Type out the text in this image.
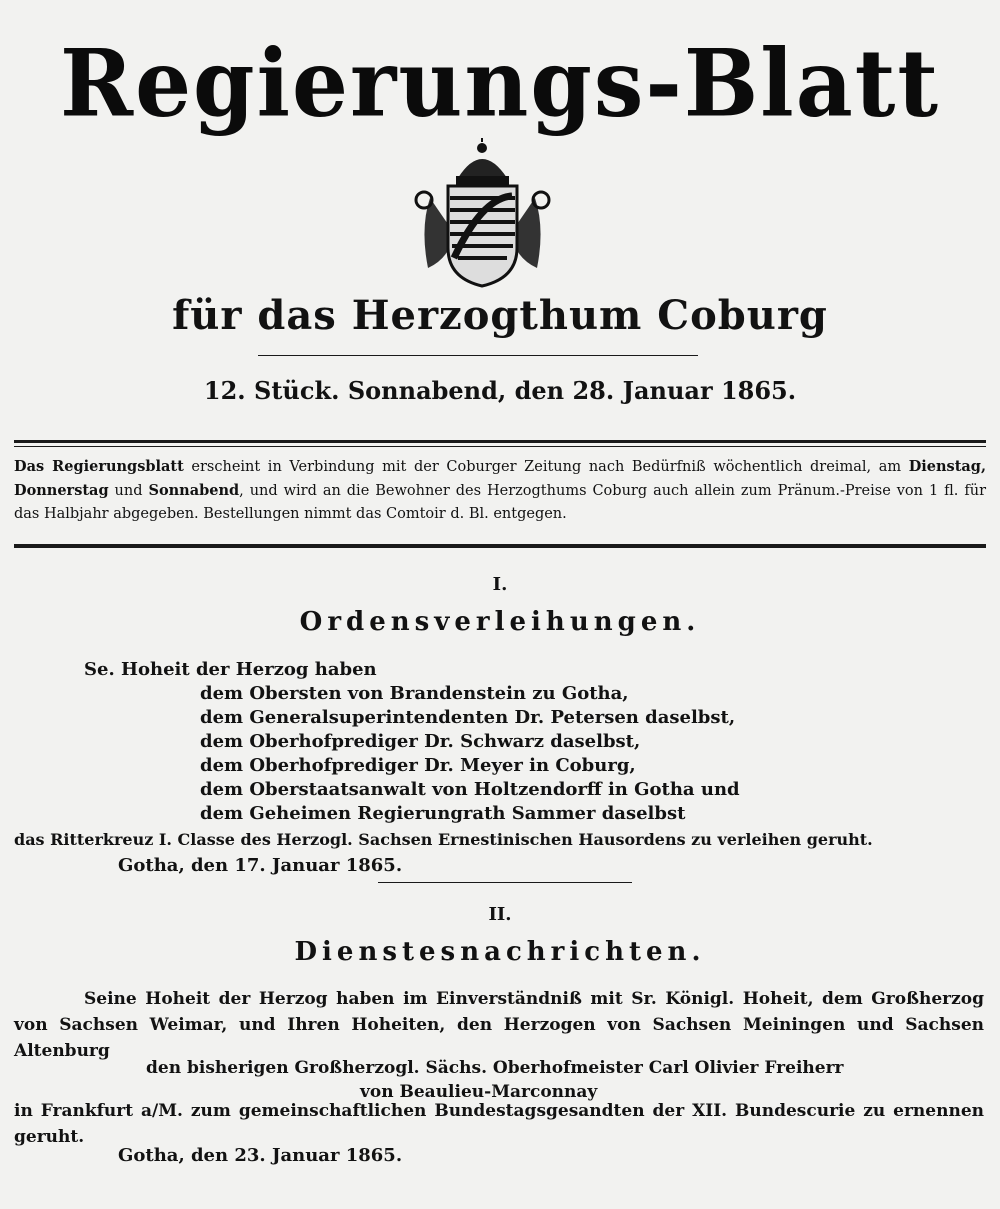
Regierungs-Blatt
für das Herzogthum Coburg
12. Stück. Sonnabend, den 28. Januar 1865.
Das Regierungsblatt erscheint in Verbindung mit der Coburger Zeitung nach Bedürfniß wöchentlich dreimal, am Dienstag, Donnerstag und Sonnabend, und wird an die Bewohner des Herzogthums Coburg auch allein zum Pränum.-Preise von 1 fl. für das Halbjahr abgegeben. Bestellungen nimmt das Comtoir d. Bl. entgegen.
I.
Ordensverleihungen.
Se. Hoheit der Herzog haben
dem Obersten von Brandenstein zu Gotha,
dem Generalsuperintendenten Dr. Petersen daselbst,
dem Oberhofprediger Dr. Schwarz daselbst,
dem Oberhofprediger Dr. Meyer in Coburg,
dem Oberstaatsanwalt von Holtzendorff in Gotha und
dem Geheimen Regierungrath Sammer daselbst
das Ritterkreuz I. Classe des Herzogl. Sachsen Ernestinischen Hausordens zu verleihen geruht.
Gotha, den 17. Januar 1865.
II.
Dienstesnachrichten.
Seine Hoheit der Herzog haben im Einverständniß mit Sr. Königl. Hoheit, dem Großherzog von Sachsen Weimar, und Ihren Hoheiten, den Herzogen von Sachsen Meiningen und Sachsen Altenburg
den bisherigen Großherzogl. Sächs. Oberhofmeister Carl Olivier Freiherr
von Beaulieu-Marconnay
in Frankfurt a/M. zum gemeinschaftlichen Bundestagsgesandten der XII. Bundescurie zu ernennen geruht.
Gotha, den 23. Januar 1865.
